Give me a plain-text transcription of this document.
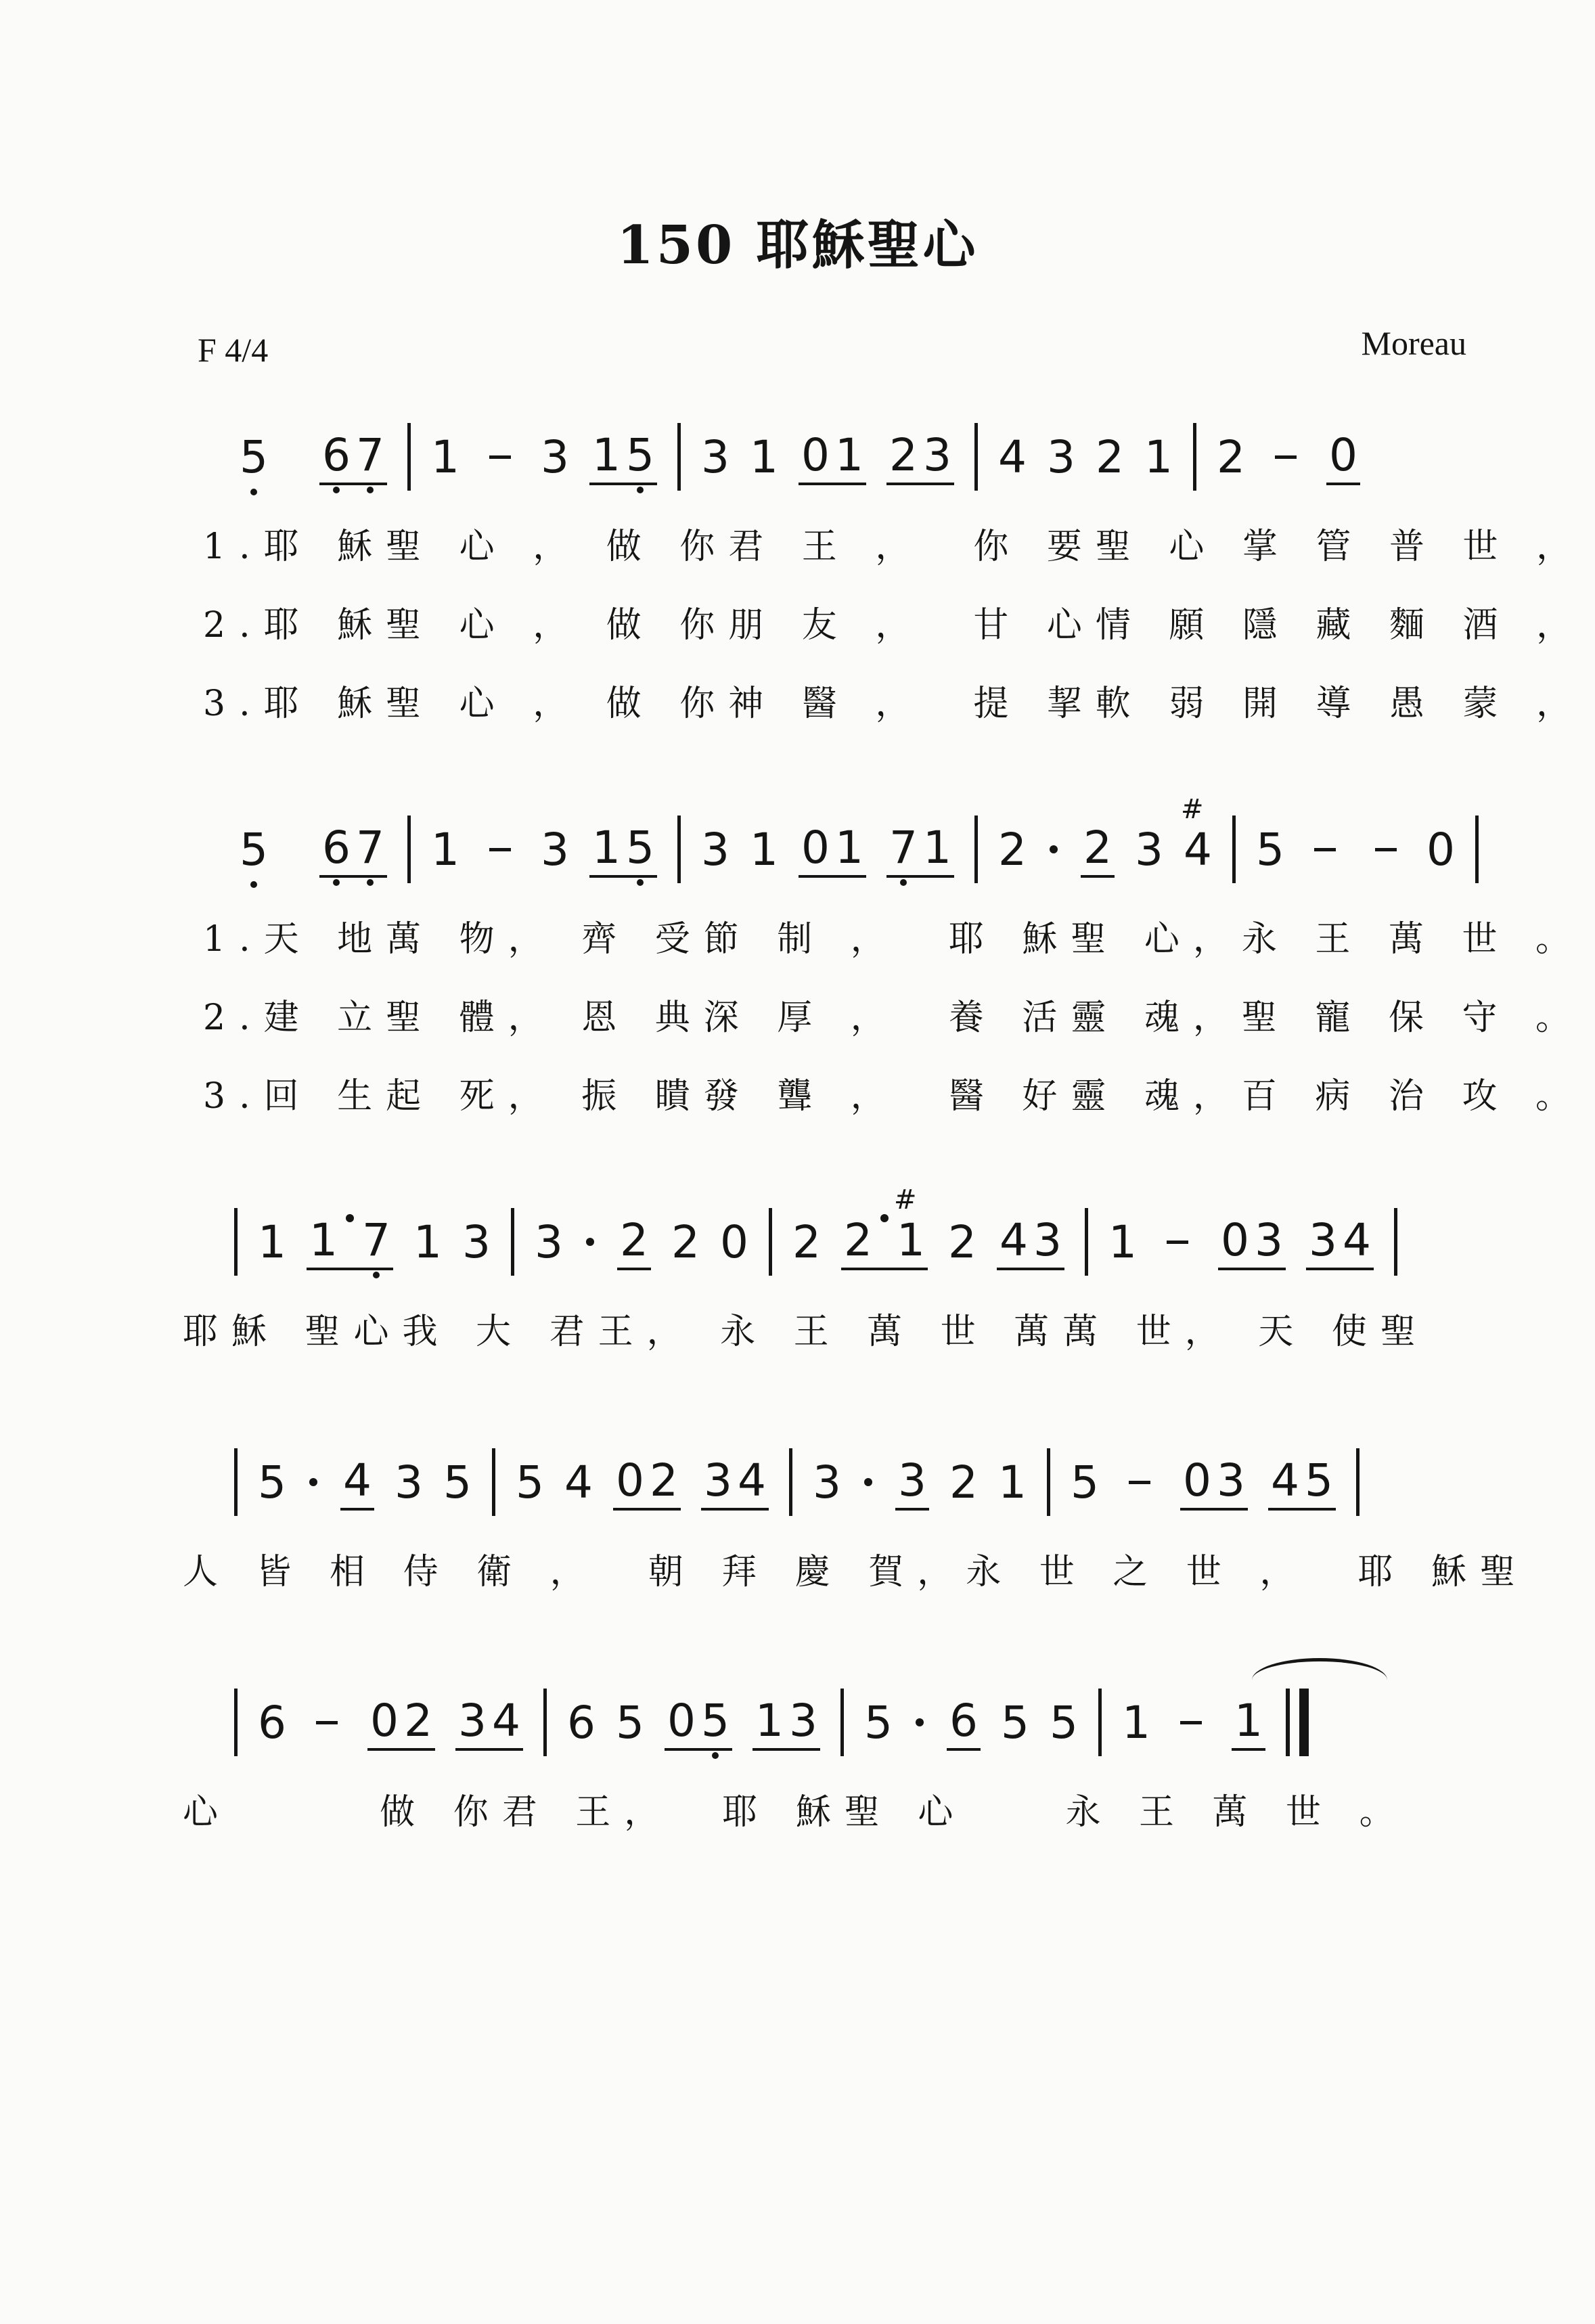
150 耶穌聖心
F 4/4	Moreau
5 6 7 1 3 1 5 3 1 0 1 2 3 4 3 2 1 2 0
1.耶 穌聖 心 ， 做 你君 王 ，  你 要聖 心 掌 管 普 世 ，
2.耶 穌聖 心 ， 做 你朋 友 ，  甘 心情 願 隱 藏 麵 酒 ，
3.耶 穌聖 心 ， 做 你神 醫 ，  提 挈軟 弱 開 導 愚 蒙 ，
5 6 7 1 3 1 5 3 1 0 1 7 1 2 2 3 # 4 5	0
1.天 地萬 物， 齊 受節 制 ，  耶 穌聖 心，永 王 萬 世 。
2.建 立聖 體， 恩 典深 厚 ，  養 活靈 魂，聖 寵 保 守 。
3.回 生起 死， 振 瞶發 聾 ，  醫 好靈 魂，百 病 治 攻 。
1 1 7 1 3 3 2 2 0 2 2 # 1 2 4 3 1 0 3 3 4
耶穌 聖心我 大 君王， 永 王 萬 世 萬萬 世， 天 使聖
5 4 3 5 5 4 0 2 3 4 3 3 2 1 5 0 3 4 5
人 皆 相 侍 衛 ，  朝 拜 慶 賀，永 世 之 世 ，  耶 穌聖
6 0 2 3 4 6 5 0 5 1 3 5 6 5 5 1 1
心      做 你君 王，  耶 穌聖 心    永 王 萬 世 。
